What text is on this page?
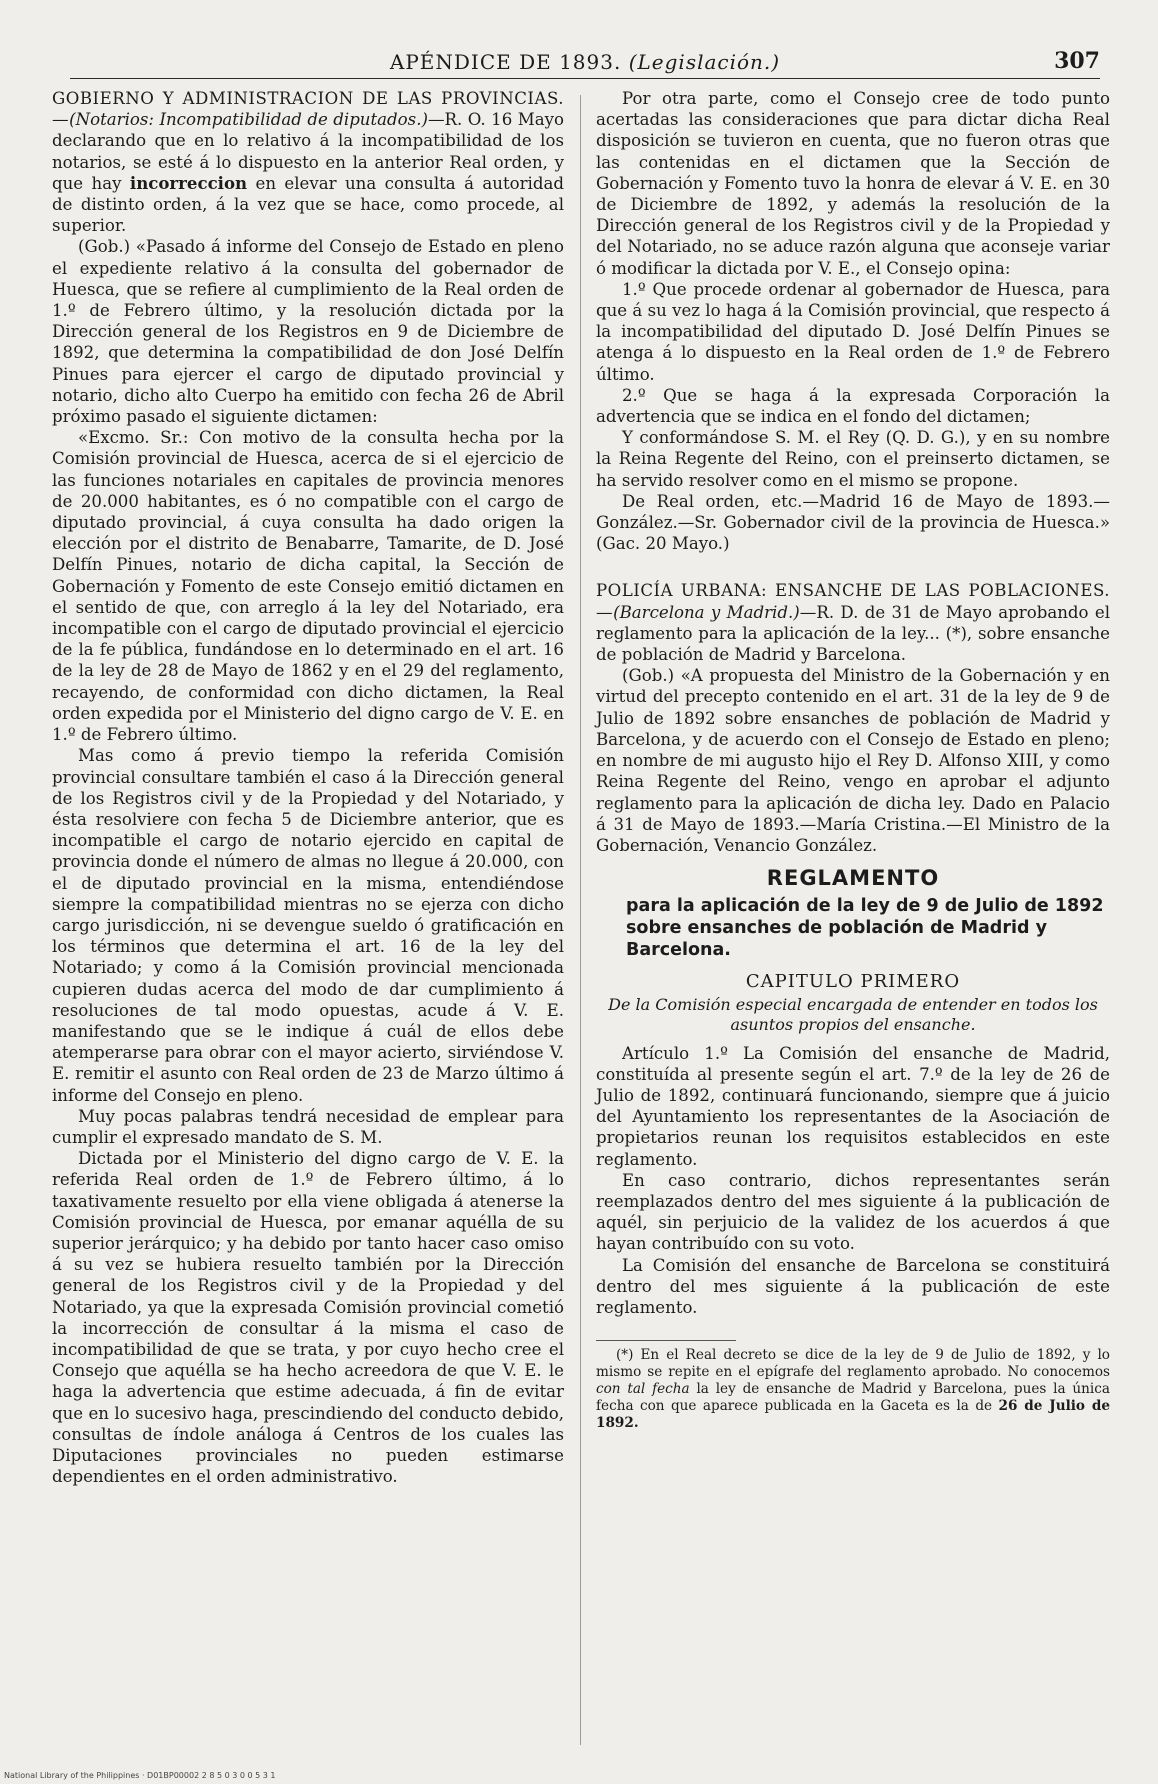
APÉNDICE DE 1893. (Legislación.)	307

GOBIERNO Y ADMINISTRACION DE LAS PROVINCIAS.—(Notarios: Incompatibilidad de diputados.)—R. O. 16 Mayo declarando que en lo relativo á la incompatibilidad de los notarios, se esté á lo dispuesto en la anterior Real orden, y que hay incorreccion en elevar una consulta á autoridad de distinto orden, á la vez que se hace, como procede, al superior.

(Gob.) «Pasado á informe del Consejo de Estado en pleno el expediente relativo á la consulta del gobernador de Huesca, que se refiere al cumplimiento de la Real orden de 1.º de Febrero último, y la resolución dictada por la Dirección general de los Registros en 9 de Diciembre de 1892, que determina la compatibilidad de don José Delfín Pinues para ejercer el cargo de diputado provincial y notario, dicho alto Cuerpo ha emitido con fecha 26 de Abril próximo pasado el siguiente dictamen:

«Excmo. Sr.: Con motivo de la consulta hecha por la Comisión provincial de Huesca, acerca de si el ejercicio de las funciones notariales en capitales de provincia menores de 20.000 habitantes, es ó no compatible con el cargo de diputado provincial, á cuya consulta ha dado origen la elección por el distrito de Benabarre, Tamarite, de D. José Delfín Pinues, notario de dicha capital, la Sección de Gobernación y Fomento de este Consejo emitió dictamen en el sentido de que, con arreglo á la ley del Notariado, era incompatible con el cargo de diputado provincial el ejercicio de la fe pública, fundándose en lo determinado en el art. 16 de la ley de 28 de Mayo de 1862 y en el 29 del reglamento, recayendo, de conformidad con dicho dictamen, la Real orden expedida por el Ministerio del digno cargo de V. E. en 1.º de Febrero último.

Mas como á previo tiempo la referida Comisión provincial consultare también el caso á la Dirección general de los Registros civil y de la Propiedad y del Notariado, y ésta resolviere con fecha 5 de Diciembre anterior, que es incompatible el cargo de notario ejercido en capital de provincia donde el número de almas no llegue á 20.000, con el de diputado provincial en la misma, entendiéndose siempre la compatibilidad mientras no se ejerza con dicho cargo jurisdicción, ni se devengue sueldo ó gratificación en los términos que determina el art. 16 de la ley del Notariado; y como á la Comisión provincial mencionada cupieren dudas acerca del modo de dar cumplimiento á resoluciones de tal modo opuestas, acude á V. E. manifestando que se le indique á cuál de ellos debe atemperarse para obrar con el mayor acierto, sirviéndose V. E. remitir el asunto con Real orden de 23 de Marzo último á informe del Consejo en pleno.

Muy pocas palabras tendrá necesidad de emplear para cumplir el expresado mandato de S. M.

Dictada por el Ministerio del digno cargo de V. E. la referida Real orden de 1.º de Febrero último, á lo taxativamente resuelto por ella viene obligada á atenerse la Comisión provincial de Huesca, por emanar aquélla de su superior jerárquico; y ha debido por tanto hacer caso omiso á su vez se hubiera resuelto también por la Dirección general de los Registros civil y de la Propiedad y del Notariado, ya que la expresada Comisión provincial cometió la incorrección de consultar á la misma el caso de incompatibilidad de que se trata, y por cuyo hecho cree el Consejo que aquélla se ha hecho acreedora de que V. E. le haga la advertencia que estime adecuada, á fin de evitar que en lo sucesivo haga, prescindiendo del conducto debido, consultas de índole análoga á Centros de los cuales las Diputaciones provinciales no pueden estimarse dependientes en el orden administrativo.

Por otra parte, como el Consejo cree de todo punto acertadas las consideraciones que para dictar dicha Real disposición se tuvieron en cuenta, que no fueron otras que las contenidas en el dictamen que la Sección de Gobernación y Fomento tuvo la honra de elevar á V. E. en 30 de Diciembre de 1892, y además la resolución de la Dirección general de los Registros civil y de la Propiedad y del Notariado, no se aduce razón alguna que aconseje variar ó modificar la dictada por V. E., el Consejo opina:

1.º Que procede ordenar al gobernador de Huesca, para que á su vez lo haga á la Comisión provincial, que respecto á la incompatibilidad del diputado D. José Delfín Pinues se atenga á lo dispuesto en la Real orden de 1.º de Febrero último.

2.º Que se haga á la expresada Corporación la advertencia que se indica en el fondo del dictamen;

Y conformándose S. M. el Rey (Q. D. G.), y en su nombre la Reina Regente del Reino, con el preinserto dictamen, se ha servido resolver como en el mismo se propone.

De Real orden, etc.—Madrid 16 de Mayo de 1893.—González.—Sr. Gobernador civil de la provincia de Huesca.» (Gac. 20 Mayo.)

POLICÍA URBANA: ENSANCHE DE LAS POBLACIONES.—(Barcelona y Madrid.)—R. D. de 31 de Mayo aprobando el reglamento para la aplicación de la ley... (*), sobre ensanche de población de Madrid y Barcelona.

(Gob.) «A propuesta del Ministro de la Gobernación y en virtud del precepto contenido en el art. 31 de la ley de 9 de Julio de 1892 sobre ensanches de población de Madrid y Barcelona, y de acuerdo con el Consejo de Estado en pleno; en nombre de mi augusto hijo el Rey D. Alfonso XIII, y como Reina Regente del Reino, vengo en aprobar el adjunto reglamento para la aplicación de dicha ley. Dado en Palacio á 31 de Mayo de 1893.—María Cristina.—El Ministro de la Gobernación, Venancio González.

REGLAMENTO
para la aplicación de la ley de 9 de Julio de 1892 sobre ensanches de población de Madrid y Barcelona.
CAPITULO PRIMERO
De la Comisión especial encargada de entender en todos los asuntos propios del ensanche.

Artículo 1.º La Comisión del ensanche de Madrid, constituída al presente según el art. 7.º de la ley de 26 de Julio de 1892, continuará funcionando, siempre que á juicio del Ayuntamiento los representantes de la Asociación de propietarios reunan los requisitos establecidos en este reglamento.

En caso contrario, dichos representantes serán reemplazados dentro del mes siguiente á la publicación de aquél, sin perjuicio de la validez de los acuerdos á que hayan contribuído con su voto.

La Comisión del ensanche de Barcelona se constituirá dentro del mes siguiente á la publicación de este reglamento.

(*) En el Real decreto se dice de la ley de 9 de Julio de 1892, y lo mismo se repite en el epígrafe del reglamento aprobado. No conocemos con tal fecha la ley de ensanche de Madrid y Barcelona, pues la única fecha con que aparece publicada en la Gaceta es la de 26 de Julio de 1892.

National Library of the Philippines · D01BP00002 2 8 5 0 3 0 0 5 3 1
